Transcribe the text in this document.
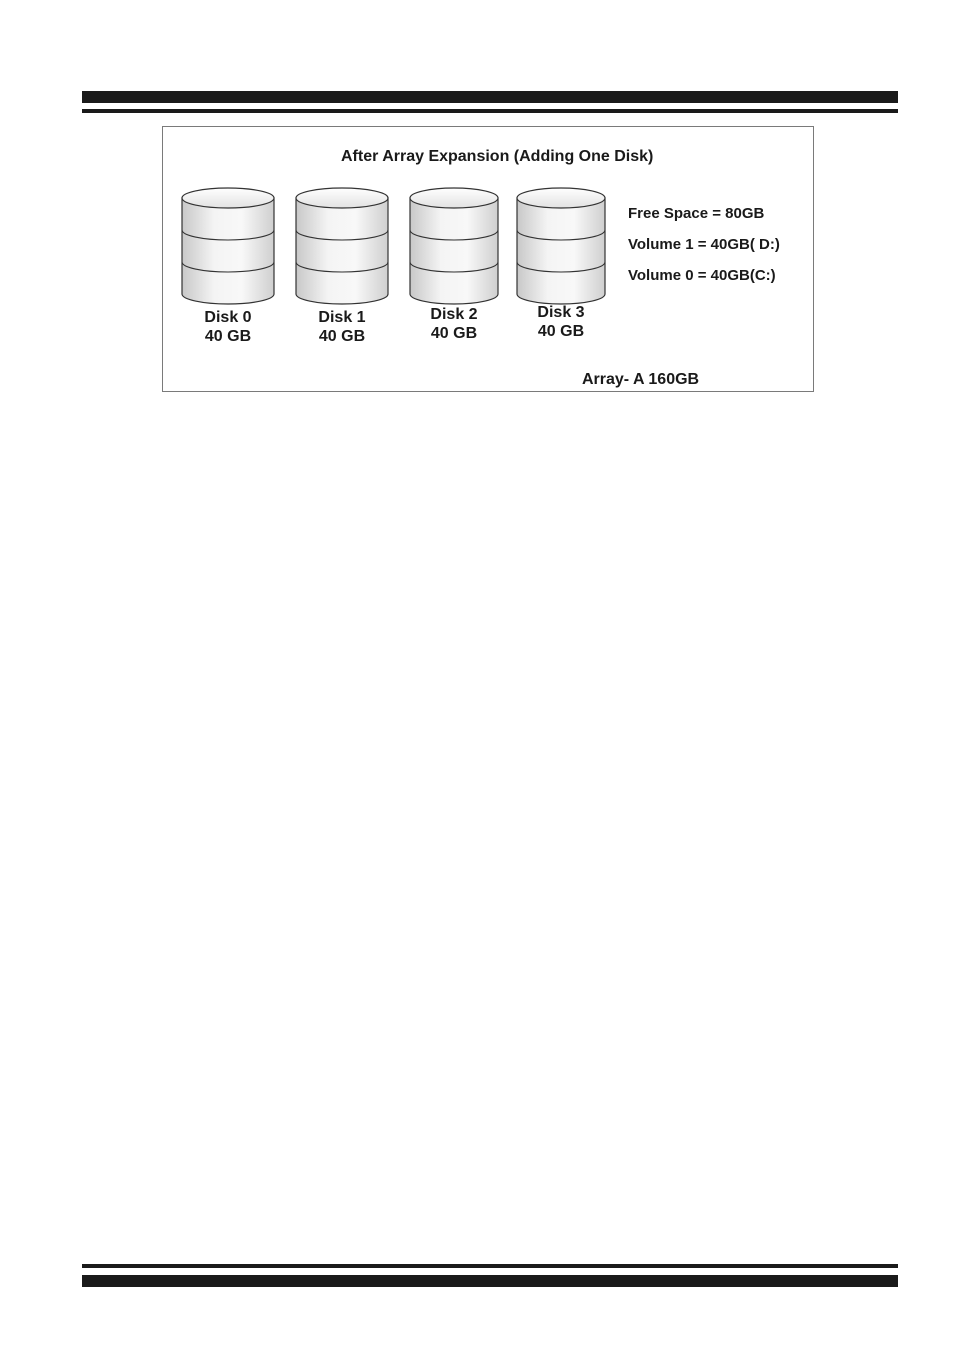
After Array Expansion (Adding One Disk)
Disk 0
40 GB
Disk 1
40 GB
Disk 2
40 GB
Disk 3
40 GB
Free Space = 80GB
Volume 1 = 40GB( D:)
Volume 0 = 40GB(C:)
Array- A 160GB
